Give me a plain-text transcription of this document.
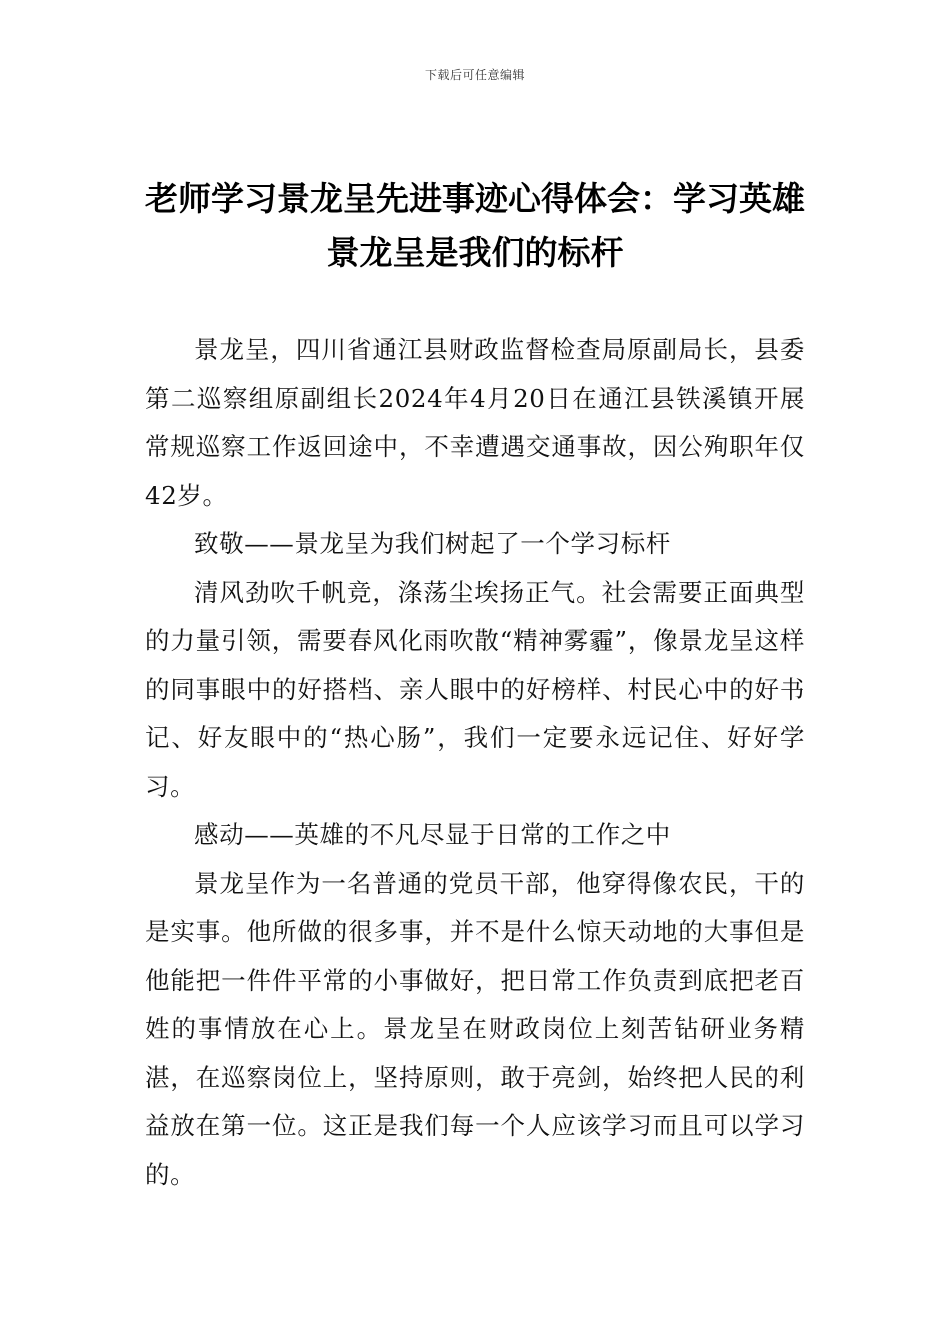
下载后可任意编辑
老师学习景龙呈先进事迹心得体会：学习英雄景龙呈是我们的标杆

景龙呈，四川省通江县财政监督检查局原副局长，县委第二巡察组原副组长2024年4月20日在通江县铁溪镇开展常规巡察工作返回途中，不幸遭遇交通事故，因公殉职年仅42岁。

致敬——景龙呈为我们树起了一个学习标杆

清风劲吹千帆竞，涤荡尘埃扬正气。社会需要正面典型的力量引领，需要春风化雨吹散“精神雾霾”，像景龙呈这样的同事眼中的好搭档、亲人眼中的好榜样、村民心中的好书记、好友眼中的“热心肠”，我们一定要永远记住、好好学习。

感动——英雄的不凡尽显于日常的工作之中

景龙呈作为一名普通的党员干部，他穿得像农民，干的是实事。他所做的很多事，并不是什么惊天动地的大事但是他能把一件件平常的小事做好，把日常工作负责到底把老百姓的事情放在心上。景龙呈在财政岗位上刻苦钻研业务精湛，在巡察岗位上，坚持原则，敢于亮剑，始终把人民的利益放在第一位。这正是我们每一个人应该学习而且可以学习的。
